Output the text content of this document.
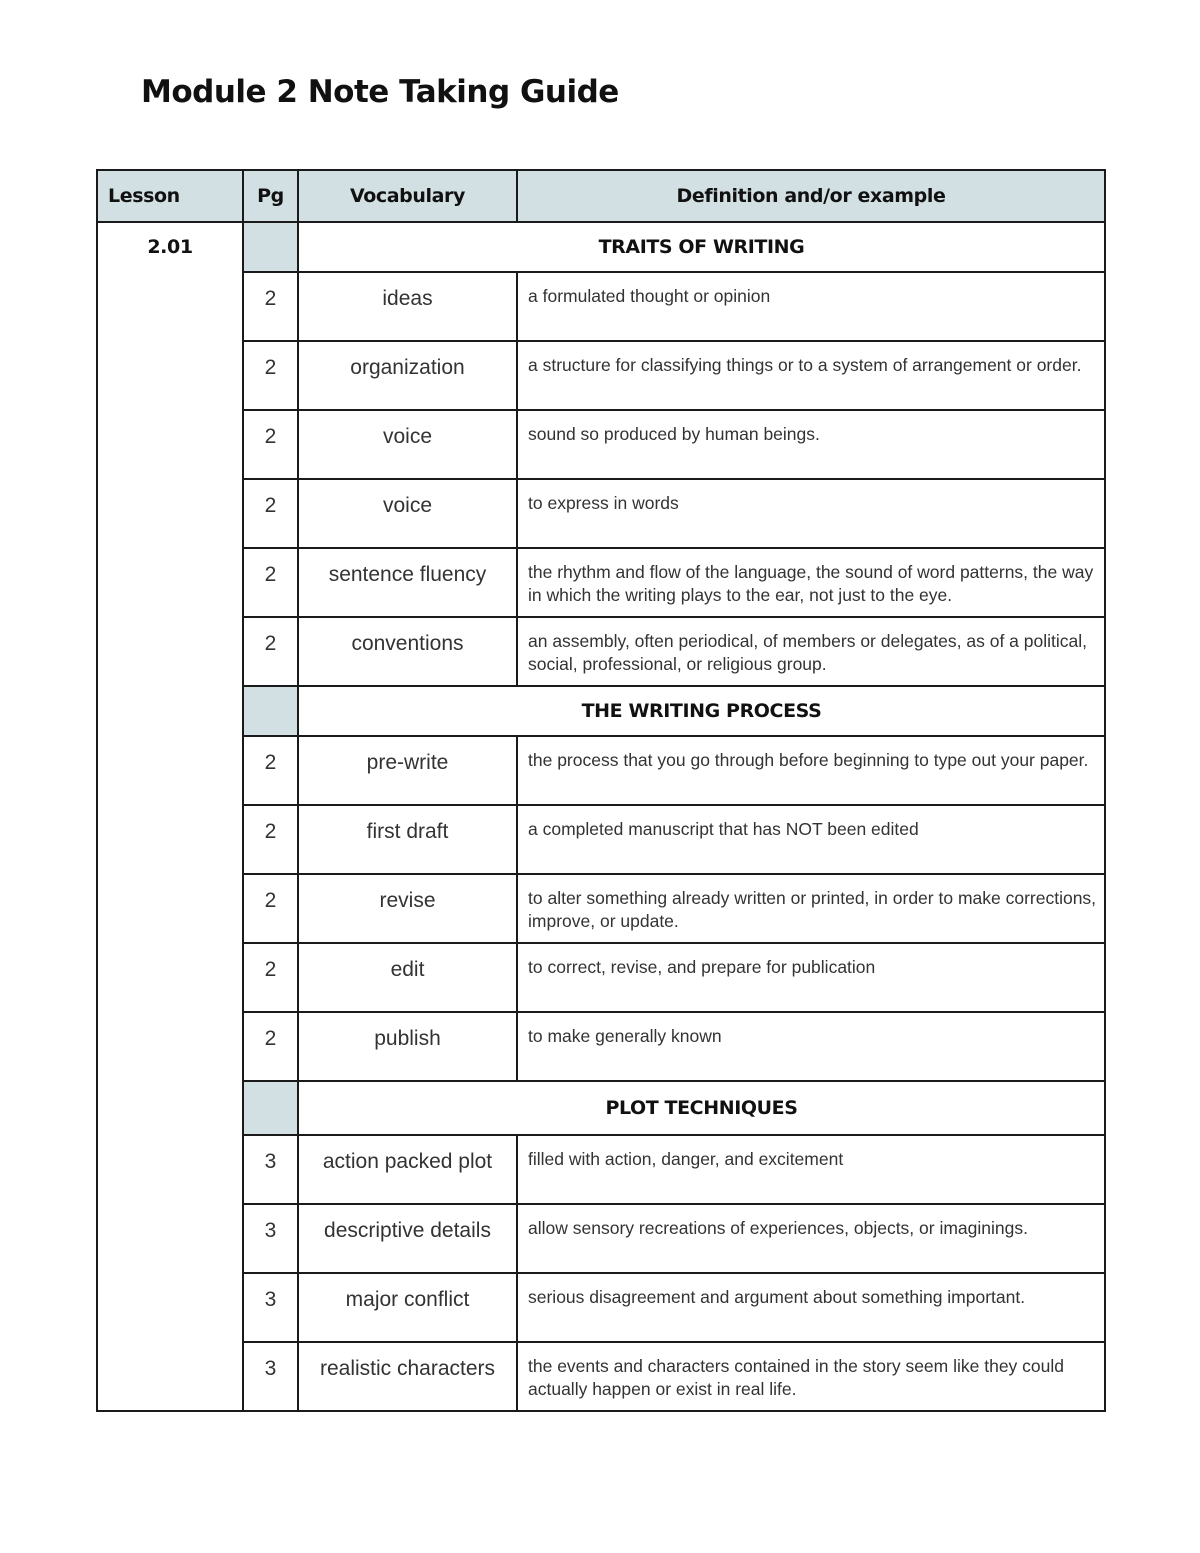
Module 2 Note Taking Guide
Lesson	Pg	Vocabulary	Definition and/or example

2.01		TRAITS OF WRITING	

	2	ideas	a formulated thought or opinion

	2	organization	a structure for classifying things or to a system of arrangement or order.

	2	voice	sound so produced by human beings.

	2	voice	to express in words

	2	sentence fluency	the rhythm and flow of the language, the sound of word patterns, the way in which the writing plays to the ear, not just to the eye.

	2	conventions	an assembly, often periodical, of members or delegates, as of a political, social, professional, or religious group.

		THE WRITING PROCESS	

	2	pre-write	the process that you go through before beginning to type out your paper.

	2	first draft	a completed manuscript that has NOT been edited

	2	revise	to alter something already written or printed, in order to make corrections, improve, or update.

	2	edit	to correct, revise, and prepare for publication

	2	publish	to make generally known

		PLOT TECHNIQUES	

	3	action packed plot	filled with action, danger, and excitement

	3	descriptive details	allow sensory recreations of experiences, objects, or imaginings.

	3	major conflict	serious disagreement and argument about something important.

	3	realistic characters	the events and characters contained in the story seem like they could actually happen or exist in real life.
